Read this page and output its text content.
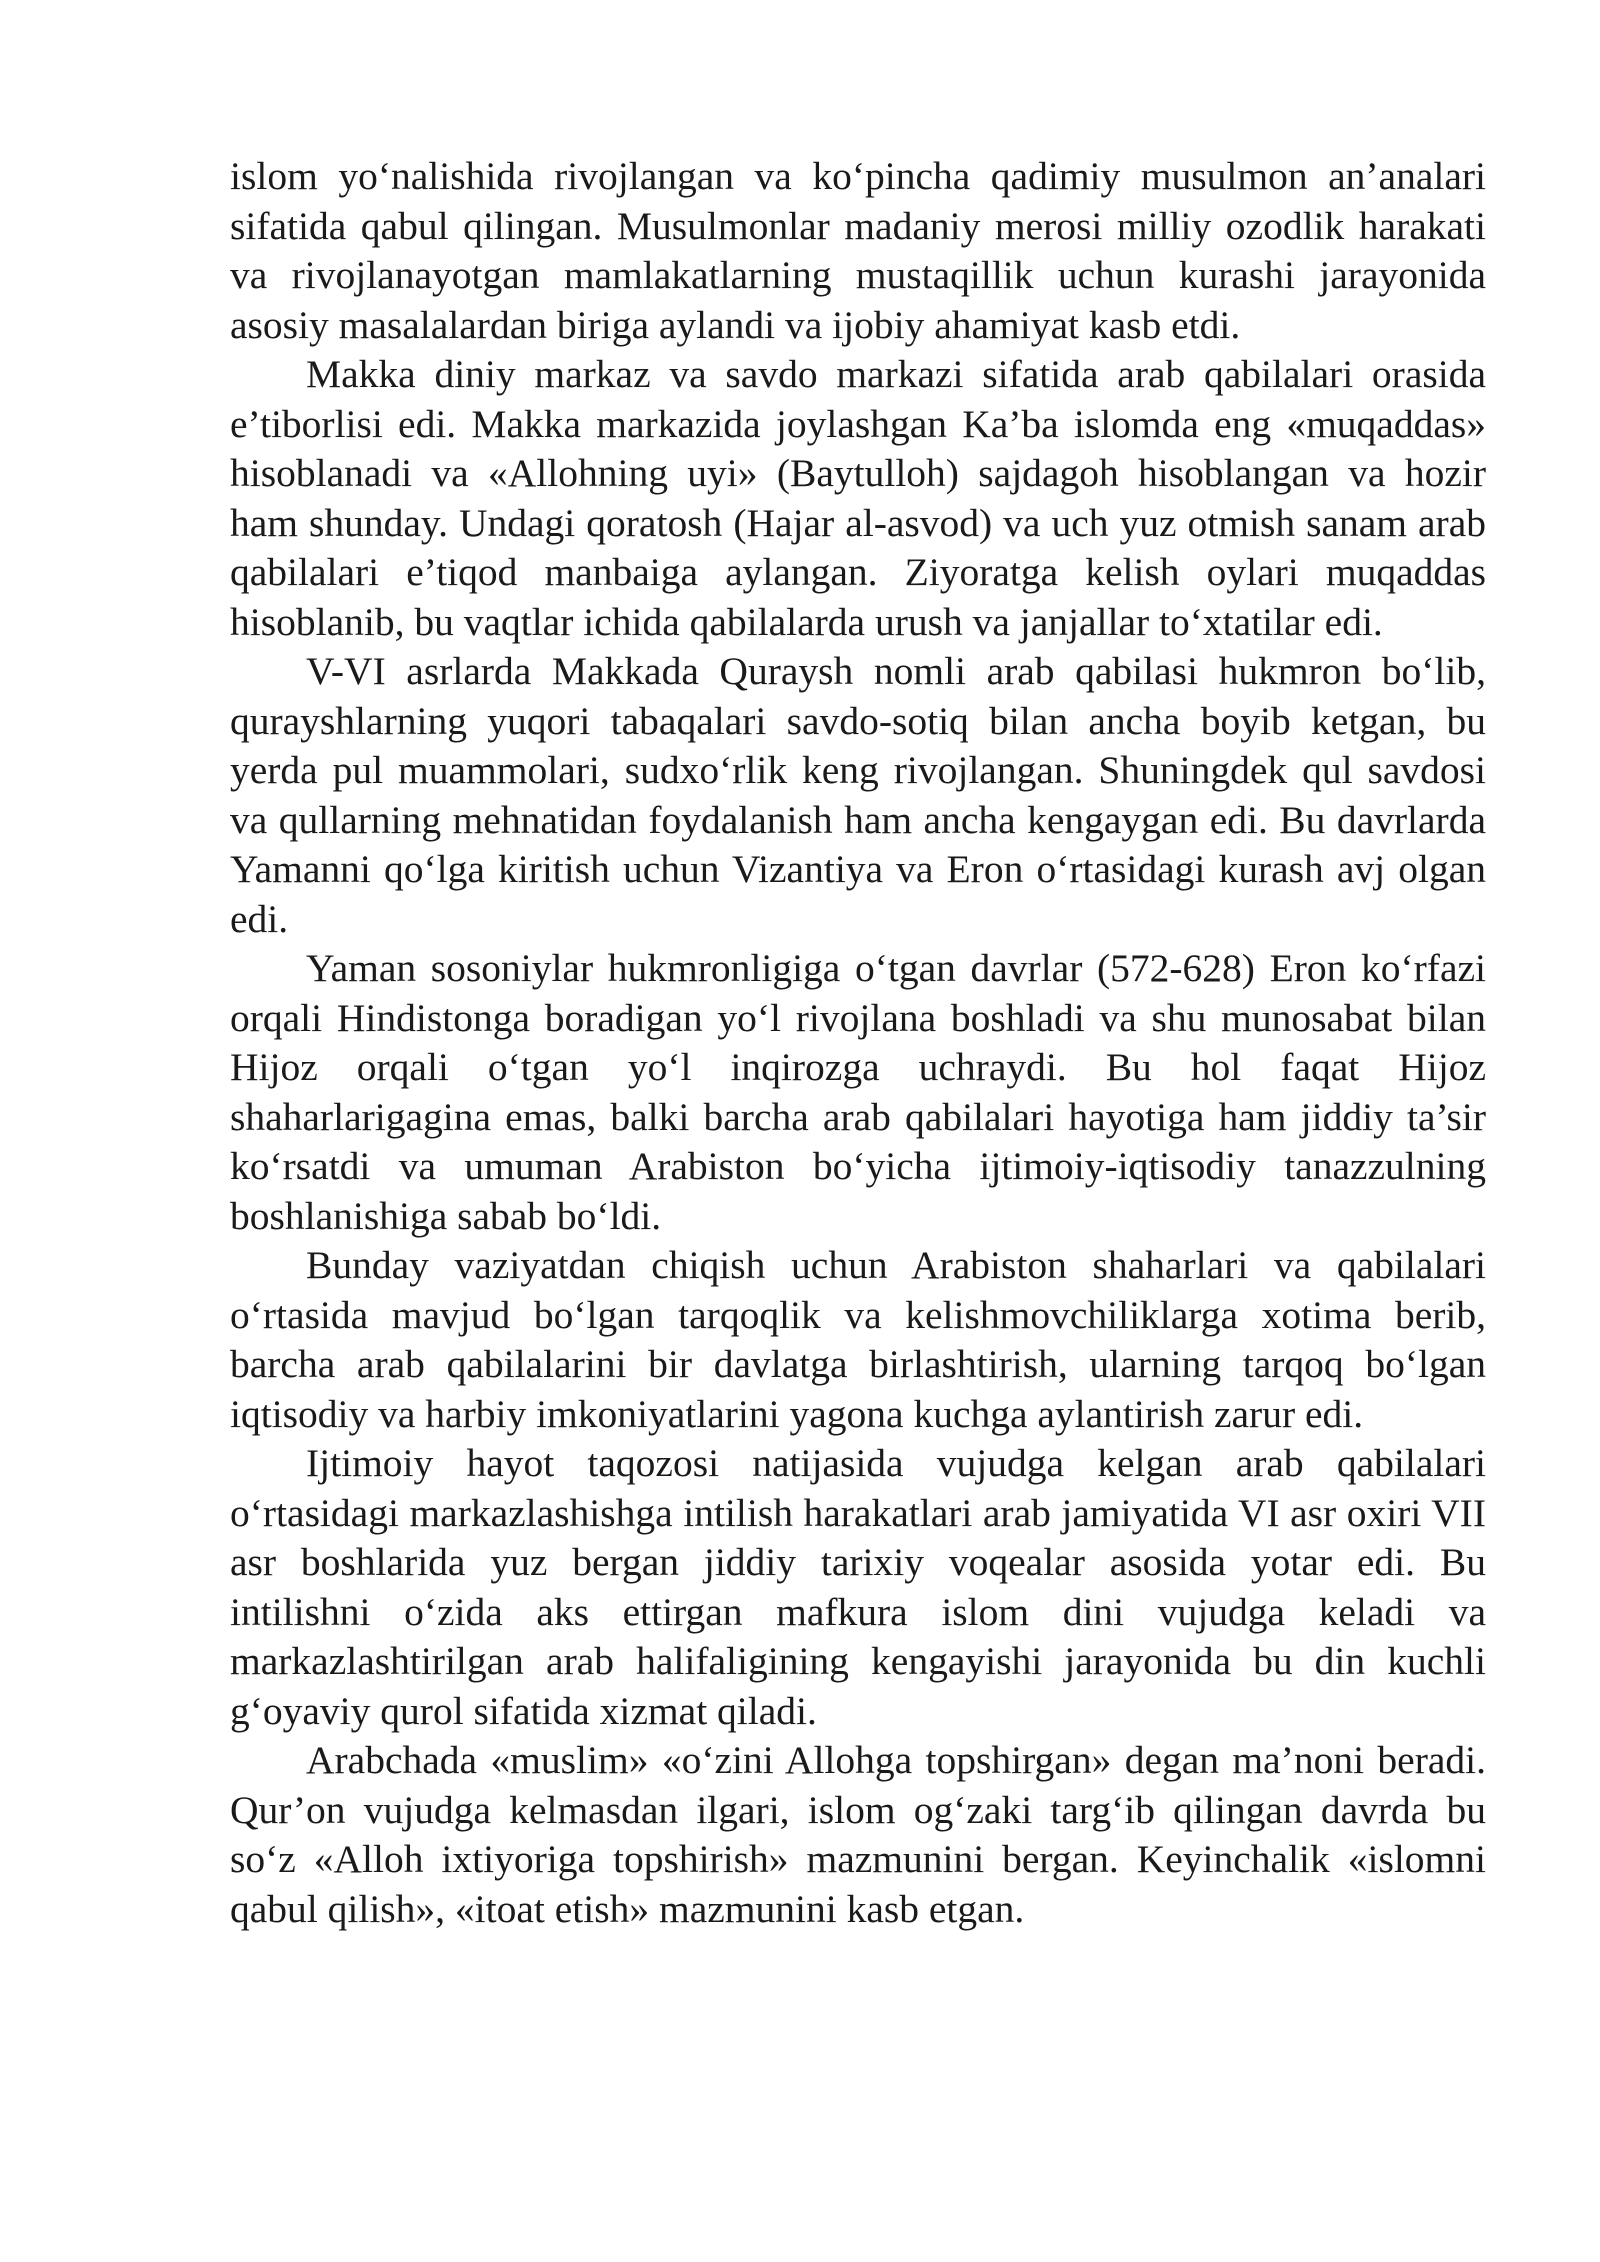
islom yoʻnalishida rivojlangan va koʻpincha qadimiy musulmon an’analari sifatida qabul qilingan. Musulmonlar madaniy merosi milliy ozodlik harakati va rivojlanayotgan mamlakatlarning mustaqillik uchun kurashi jarayonida asosiy masalalardan biriga aylandi va ijobiy ahamiyat kasb etdi.

Makka diniy markaz va savdo markazi sifatida arab qabilalari orasida e’tiborlisi edi. Makka markazida joylashgan Ka’ba islomda eng «muqaddas» hisoblanadi va «Allohning uyi» (Baytulloh) sajdagoh hisoblangan va hozir ham shunday. Undagi qoratosh (Hajar al-asvod) va uch yuz otmish sanam arab qabilalari e’tiqod manbaiga aylangan. Ziyoratga kelish oylari muqaddas hisoblanib, bu vaqtlar ichida qabilalarda urush va janjallar toʻxtatilar edi.

V-VI asrlarda Makkada Quraysh nomli arab qabilasi hukmron boʻlib, qurayshlarning yuqori tabaqalari savdo-sotiq bilan ancha boyib ketgan, bu yerda pul muammolari, sudxoʻrlik keng rivojlangan. Shuningdek qul savdosi va qullarning mehnatidan foydalanish ham ancha kengaygan edi. Bu davrlarda Yamanni qoʻlga kiritish uchun Vizantiya va Eron oʻrtasidagi kurash avj olgan edi.

Yaman sosoniylar hukmronligiga oʻtgan davrlar (572-628) Eron koʻrfazi orqali Hindistonga boradigan yoʻl rivojlana boshladi va shu munosabat bilan Hijoz orqali oʻtgan yoʻl inqirozga uchraydi. Bu hol faqat Hijoz shaharlarigagina emas, balki barcha arab qabilalari hayotiga ham jiddiy ta’sir koʻrsatdi va umuman Arabiston boʻyicha ijtimoiy-iqtisodiy tanazzulning boshlanishiga sabab boʻldi.

Bunday vaziyatdan chiqish uchun Arabiston shaharlari va qabilalari oʻrtasida mavjud boʻlgan tarqoqlik va kelishmovchiliklarga xotima berib, barcha arab qabilalarini bir davlatga birlashtirish, ularning tarqoq boʻlgan iqtisodiy va harbiy imkoniyatlarini yagona kuchga aylantirish zarur edi.

Ijtimoiy hayot taqozosi natijasida vujudga kelgan arab qabilalari oʻrtasidagi markazlashishga intilish harakatlari arab jamiyatida VI asr oxiri VII asr boshlarida yuz bergan jiddiy tarixiy voqealar asosida yotar edi. Bu intilishni oʻzida aks ettirgan mafkura islom dini vujudga keladi va markazlashtirilgan arab halifaligining kengayishi jarayonida bu din kuchli gʻoyaviy qurol sifatida xizmat qiladi.

Arabchada «muslim» «oʻzini Allohga topshirgan» degan ma’noni beradi. Qur’on vujudga kelmasdan ilgari, islom ogʻzaki targʻib qilingan davrda bu soʻz «Alloh ixtiyoriga topshirish» mazmunini bergan. Keyinchalik «islomni qabul qilish», «itoat etish» mazmunini kasb etgan.
